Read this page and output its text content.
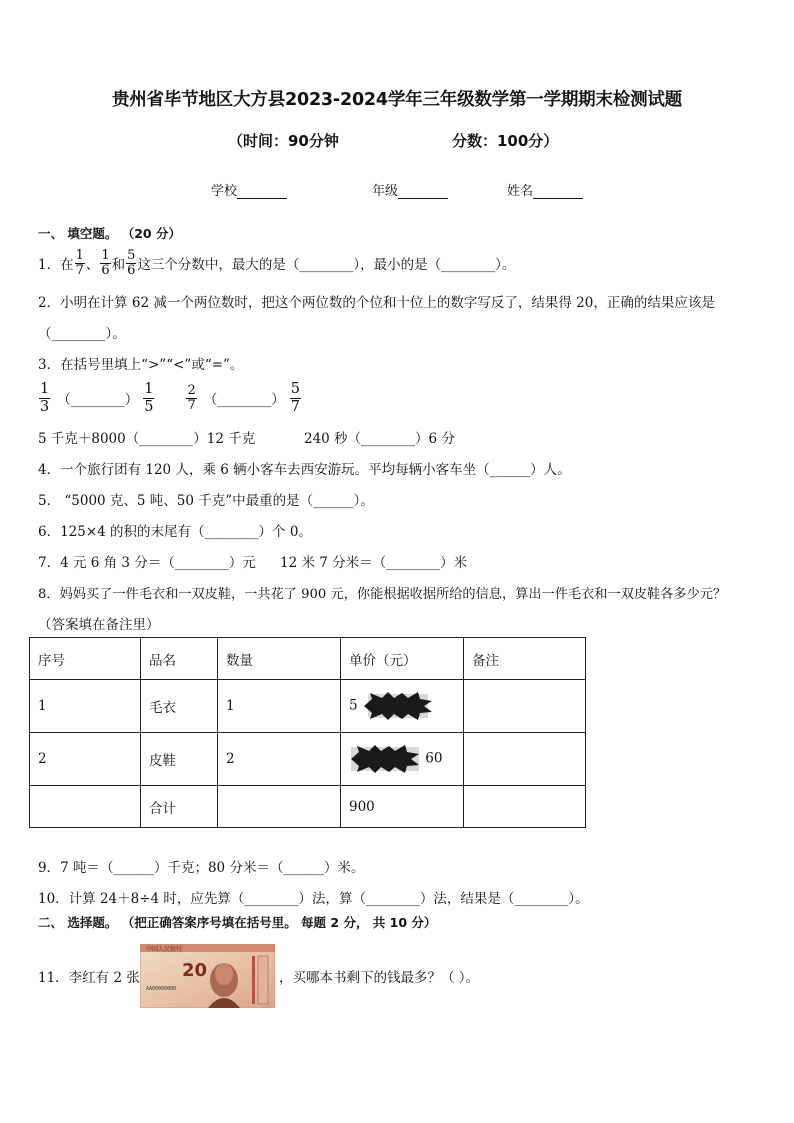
贵州省毕节地区大方县2023-2024学年三年级数学第一学期期末检测试题
（时间：90分钟	分数：100分）
学校	年级	姓名
一、 填空题。 （20 分）
1．在 $\frac{1}{7}$ 、 $\frac{1}{6}$ 和 $\frac{5}{6}$ 这三个分数中，最大的是（________），最小的是（________）。
2．小明在计算 62 减一个两位数时，把这个两位数的个位和十位上的数字写反了，结果得 20，正确的结果应该是
（________）。
3．在括号里填上“>”“<”或“=”。
$\frac{1}{3}$ （________） $\frac{1}{5} \frac{2}{7}$ （________） $\frac{5}{7}$
5 千克＋8000（________）12 千克	240 秒（________）6 分
4．一个旅行团有 120 人，乘 6 辆小客车去西安游玩。平均每辆小客车坐（______）人。
5． “5000 克、5 吨、50 千克”中最重的是（______）。
6．125×4 的积的末尾有（________）个 0。
7．4 元 6 角 3 分＝（________）元 12 米 7 分米＝（________）米
8．妈妈买了一件毛衣和一双皮鞋，一共花了 900 元，你能根据收据所给的信息，算出一件毛衣和一双皮鞋各多少元？
（答案填在备注里）
序号	品名	数量	单价（元）	备注
1	毛衣	1	5	
2	皮鞋	2	60	
	合计		900	
9．7 吨＝（______）千克；80 分米＝（______）米。
10．计算 24＋8÷4 时，应先算（________）法，算（________）法，结果是（________）。
二、 选择题。 （把正确答案序号填在括号里。 每题 2 分， 共 10 分）
11．李红有 2 张
中国人民银行
20
AA00000000
，买哪本书剩下的钱最多？（ ）。
